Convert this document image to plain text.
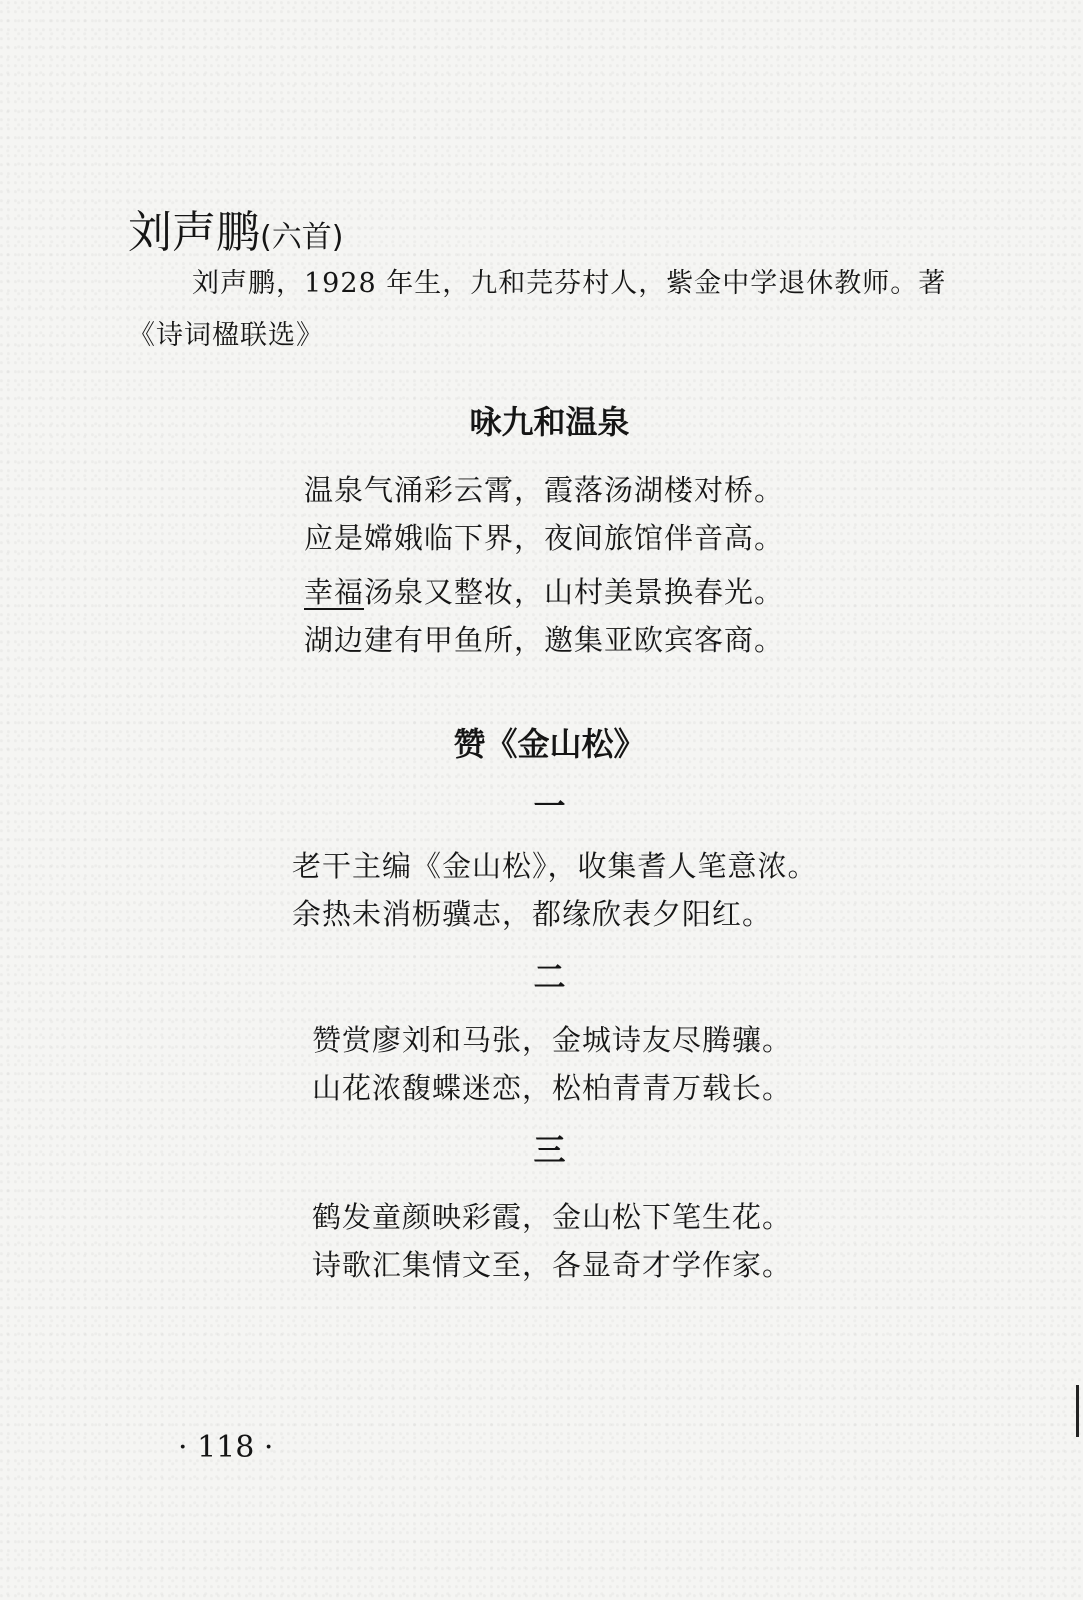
刘声鹏(六首)
刘声鹏，1928 年生，九和芫芬村人，紫金中学退休教师。著《诗词楹联选》
咏九和温泉
温泉气涌彩云霄，霞落汤湖楼对桥。
应是嫦娥临下界，夜间旅馆伴音高。
幸福汤泉又整妆，山村美景换春光。
湖边建有甲鱼所，邀集亚欧宾客商。
赞《金山松》
一
老干主编《金山松》，收集耆人笔意浓。
余热未消枥骥志，都缘欣表夕阳红。
二
赞赏廖刘和马张，金城诗友尽腾骧。
山花浓馥蝶迷恋，松柏青青万载长。
三
鹤发童颜映彩霞，金山松下笔生花。
诗歌汇集情文至，各显奇才学作家。
· 118 ·
